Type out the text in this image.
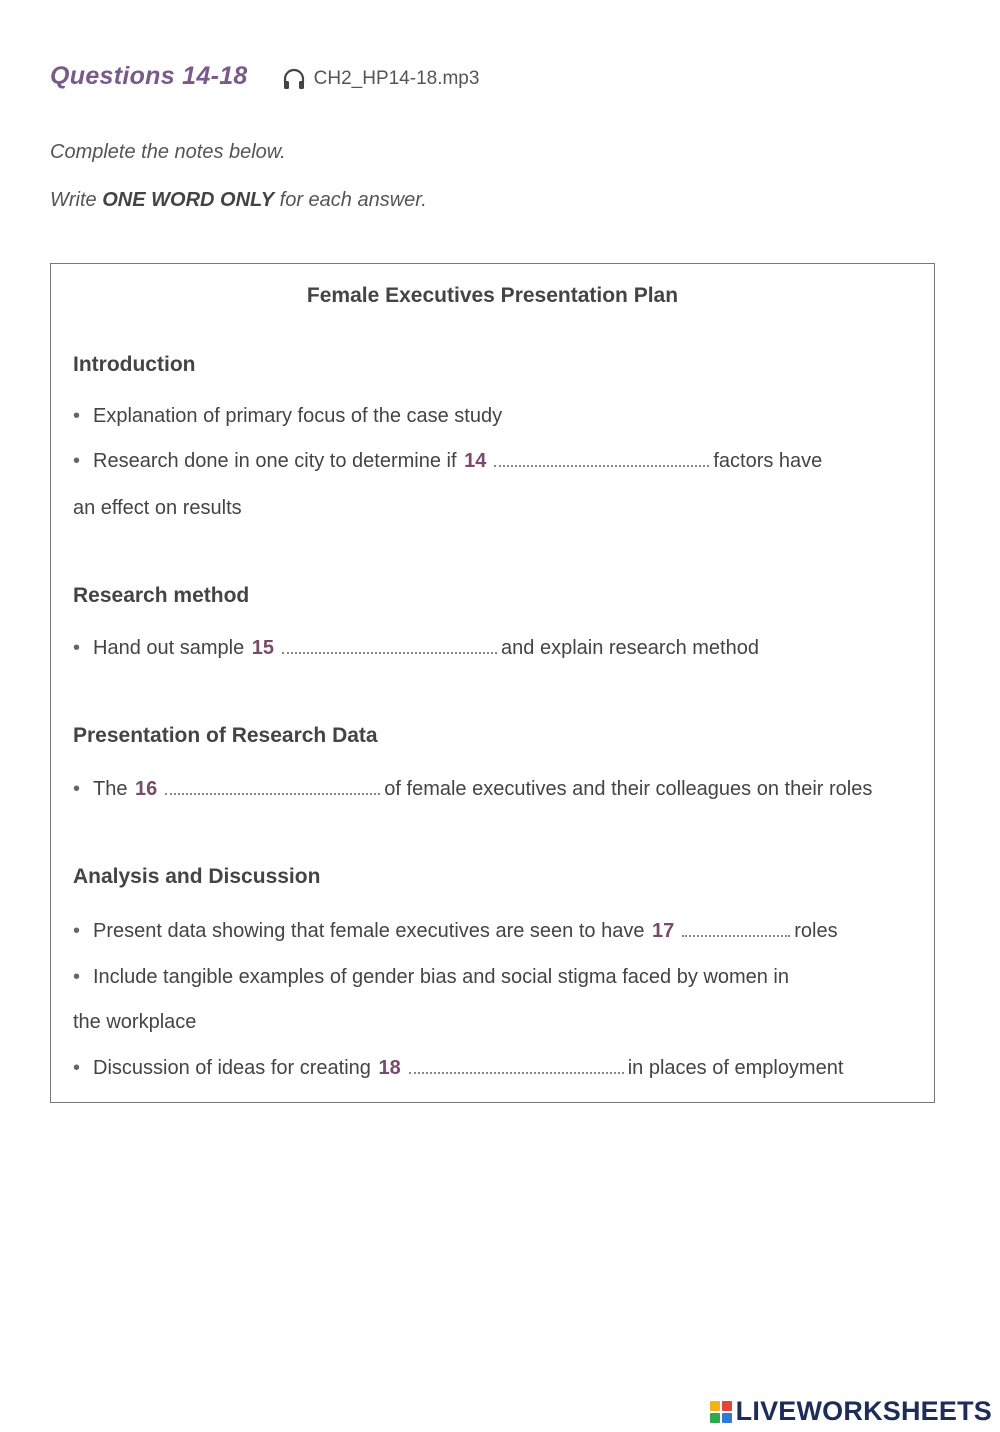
Questions 14-18	CH2_HP14-18.mp3
Complete the notes below.
Write ONE WORD ONLY for each answer.
Female Executives Presentation Plan
Introduction
• Explanation of primary focus of the case study
• Research done in one city to determine if 14	factors have
an effect on results
Research method
• Hand out sample 15	and explain research method
Presentation of Research Data
• The 16	of female executives and their colleagues on their roles
Analysis and Discussion
• Present data showing that female executives are seen to have 17	roles
• Include tangible examples of gender bias and social stigma faced by women in
the workplace
• Discussion of ideas for creating 18	in places of employment
LIVEWORKSHEETS
